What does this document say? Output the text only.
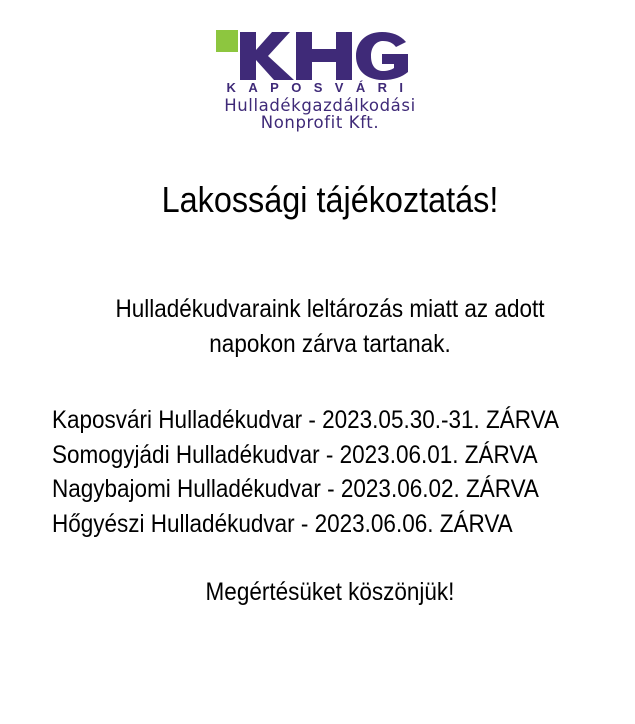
KAPOSVÁRI
Hulladékgazdálkodási
Nonprofit Kft.
Lakossági tájékoztatás!
Hulladékudvaraink leltározás miatt az adott
napokon zárva tartanak.
Kaposvári Hulladékudvar - 2023.05.30.-31. ZÁRVA
Somogyjádi Hulladékudvar - 2023.06.01. ZÁRVA
Nagybajomi Hulladékudvar - 2023.06.02. ZÁRVA
Hőgyészi Hulladékudvar - 2023.06.06. ZÁRVA
Megértésüket köszönjük!
